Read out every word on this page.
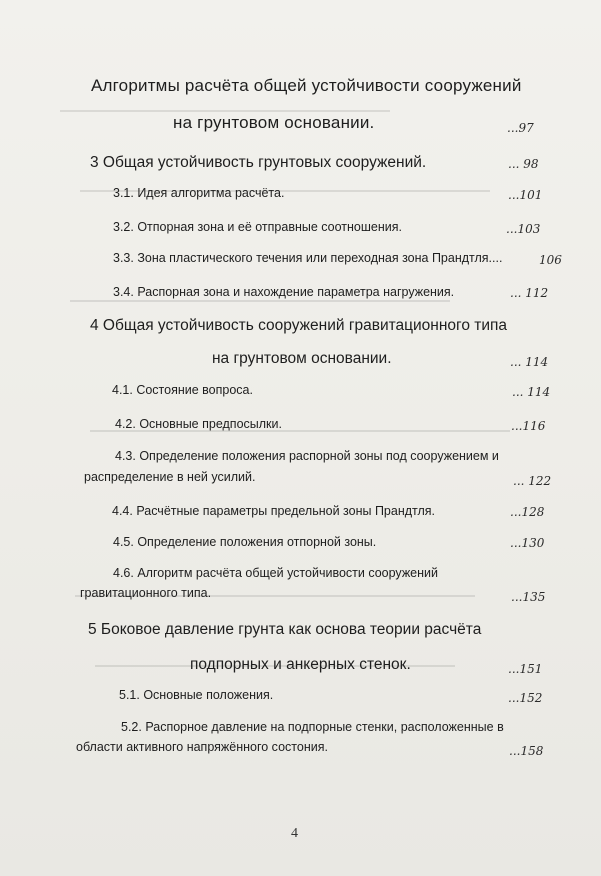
Алгоритмы расчёта общей устойчивости сооружений
на грунтовом основании.	...97
3 Общая устойчивость грунтовых сооружений.	... 98
3.1. Идея алгоритма расчёта.	...101
3.2. Отпорная зона и её отправные соотношения.	...103
3.3. Зона пластического течения или переходная зона Прандтля....	106
3.4. Распорная зона и нахождение параметра нагружения.	... 112
4 Общая устойчивость сооружений гравитационного типа
на грунтовом основании.	... 114
4.1. Состояние вопроса.	... 114
4.2. Основные предпосылки.	...116
4.3. Определение положения распорной зоны под сооружением и
распределение в ней усилий.	... 122
4.4. Расчётные параметры предельной зоны Прандтля.	...128
4.5. Определение положения отпорной зоны.	...130
4.6. Алгоритм расчёта общей устойчивости сооружений
гравитационного типа.	...135
5 Боковое давление грунта как основа теории расчёта
подпорных и анкерных стенок.	...151
5.1. Основные положения.	...152
5.2. Распорное давление на подпорные стенки, расположенные в
области активного напряжённого состония.	...158
4
